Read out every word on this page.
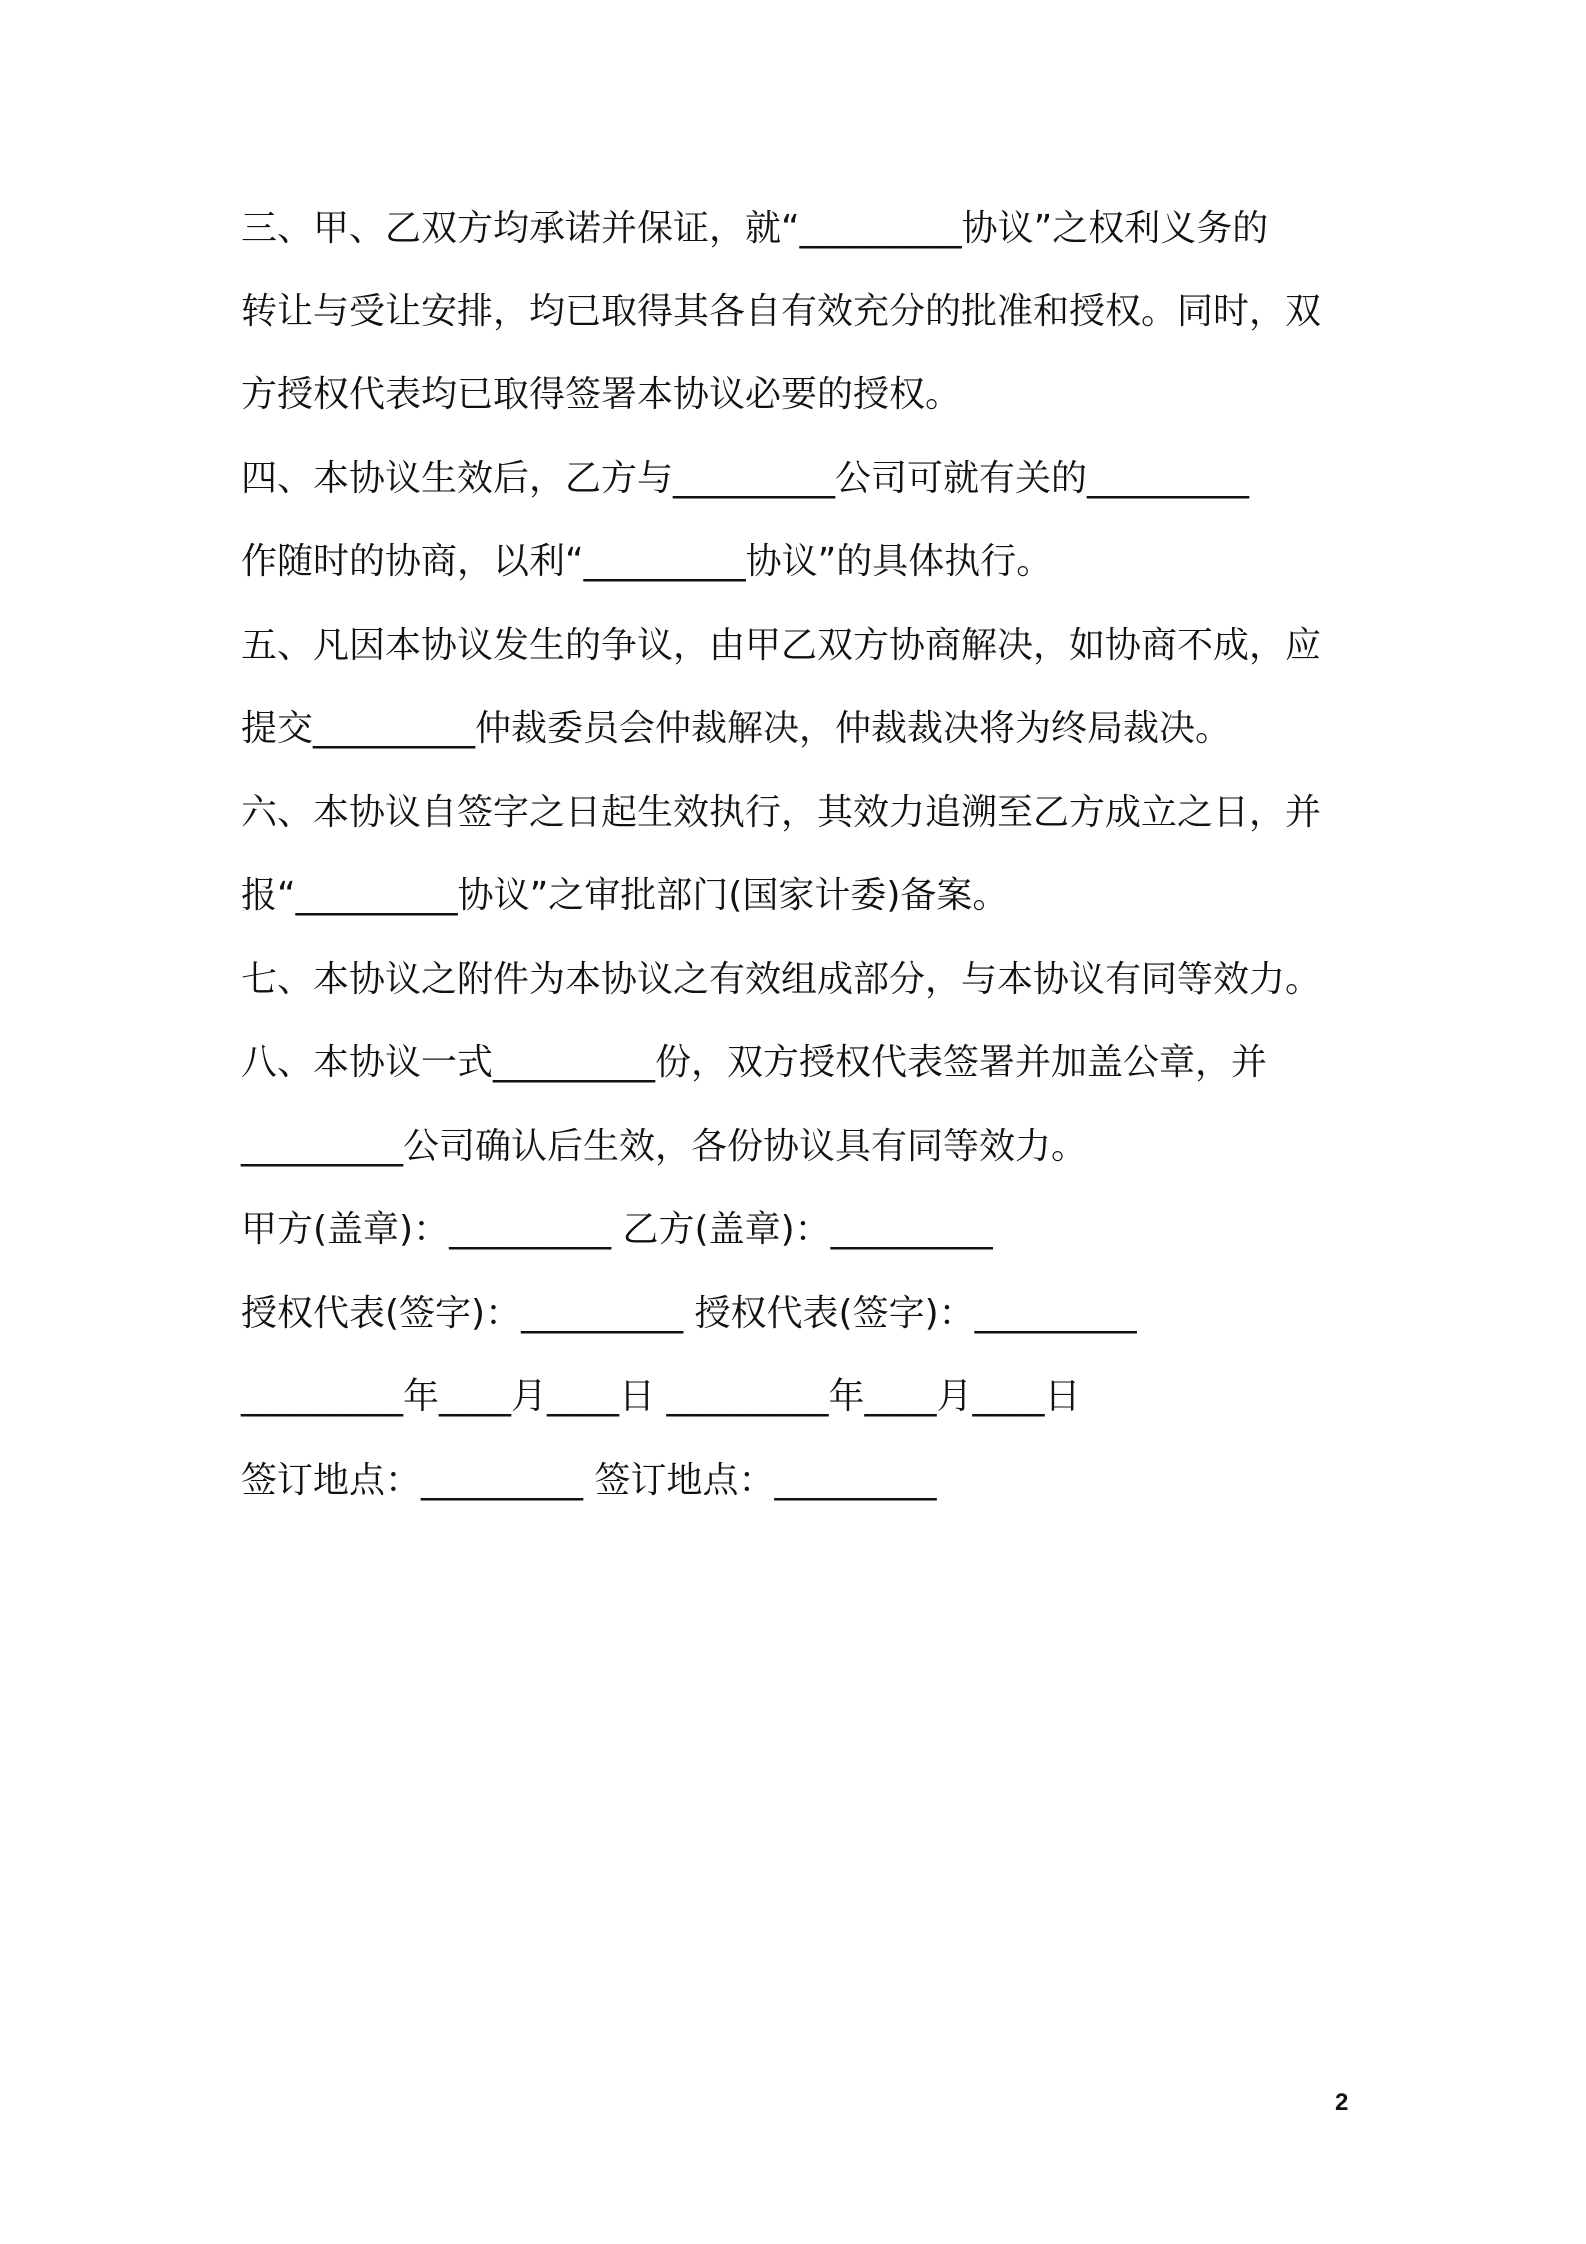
三、甲、乙双方均承诺并保证，就“_________协议”之权利义务的
转让与受让安排，均已取得其各自有效充分的批准和授权。同时，双
方授权代表均已取得签署本协议必要的授权。
四、本协议生效后，乙方与_________公司可就有关的_________
作随时的协商，以利“_________协议”的具体执行。
五、凡因本协议发生的争议，由甲乙双方协商解决，如协商不成，应
提交_________仲裁委员会仲裁解决，仲裁裁决将为终局裁决。
六、本协议自签字之日起生效执行，其效力追溯至乙方成立之日，并
报“_________协议”之审批部门(国家计委)备案。
七、本协议之附件为本协议之有效组成部分，与本协议有同等效力。
八、本协议一式_________份，双方授权代表签署并加盖公章，并
_________公司确认后生效，各份协议具有同等效力。
甲方(盖章)：_________ 乙方(盖章)：_________
授权代表(签字)：_________ 授权代表(签字)：_________
_________年____月____日 _________年____月____日
签订地点：_________ 签订地点：_________
2
